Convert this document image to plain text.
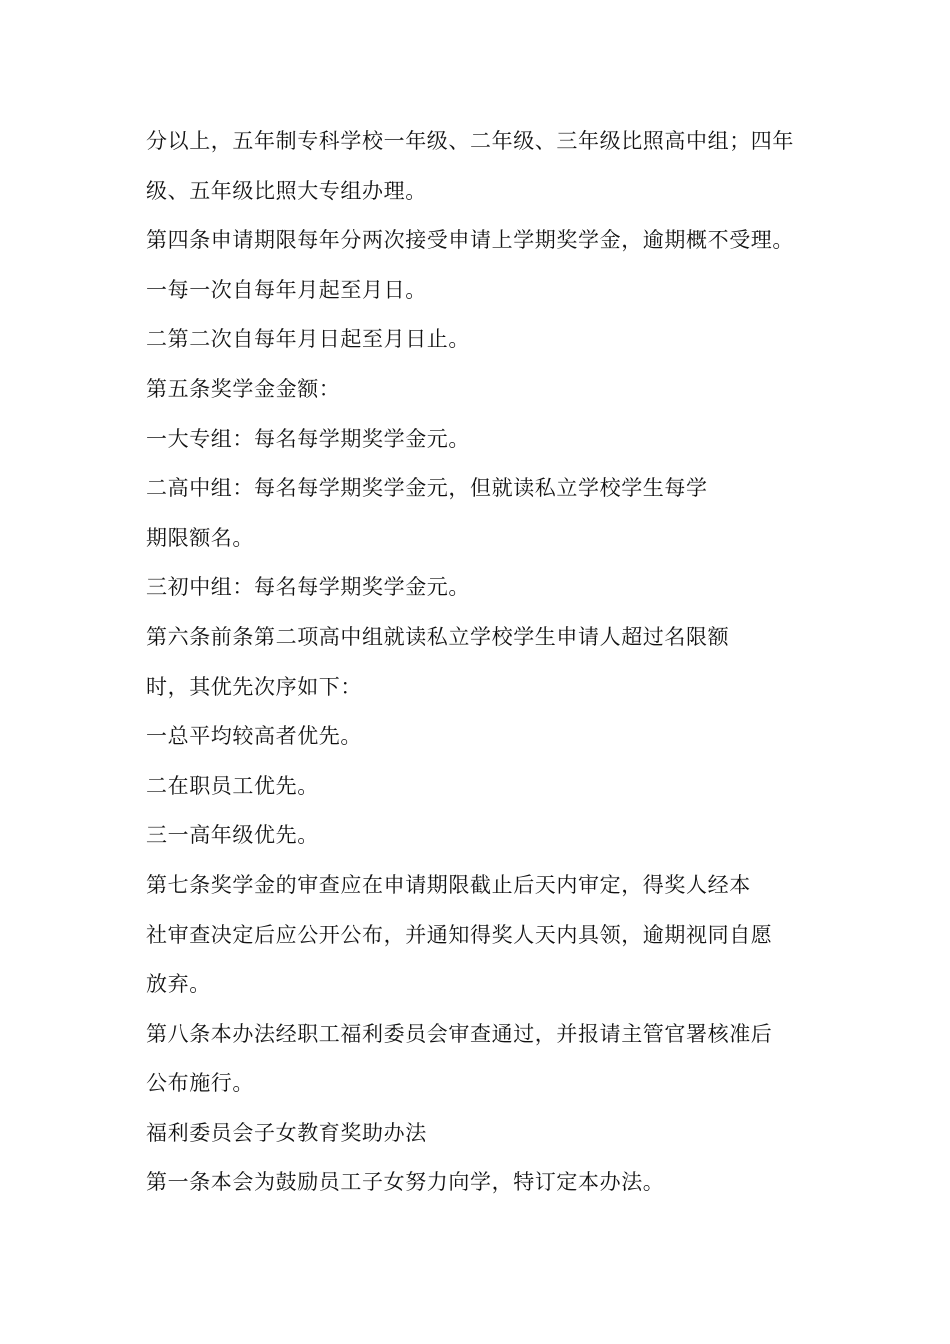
分以上，五年制专科学校一年级、二年级、三年级比照高中组；四年
级、五年级比照大专组办理。
第四条申请期限每年分两次接受申请上学期奖学金，逾期概不受理。
一每一次自每年月起至月日。
二第二次自每年月日起至月日止。
第五条奖学金金额：
一大专组：每名每学期奖学金元。
二高中组：每名每学期奖学金元，但就读私立学校学生每学
期限额名。
三初中组：每名每学期奖学金元。
第六条前条第二项高中组就读私立学校学生申请人超过名限额
时，其优先次序如下：
一总平均较高者优先。
二在职员工优先。
三一高年级优先。
第七条奖学金的审查应在申请期限截止后天内审定，得奖人经本
社审查决定后应公开公布，并通知得奖人天内具领，逾期视同自愿
放弃。
第八条本办法经职工福利委员会审查通过，并报请主管官署核准后
公布施行。
福利委员会子女教育奖助办法
第一条本会为鼓励员工子女努力向学，特订定本办法。
